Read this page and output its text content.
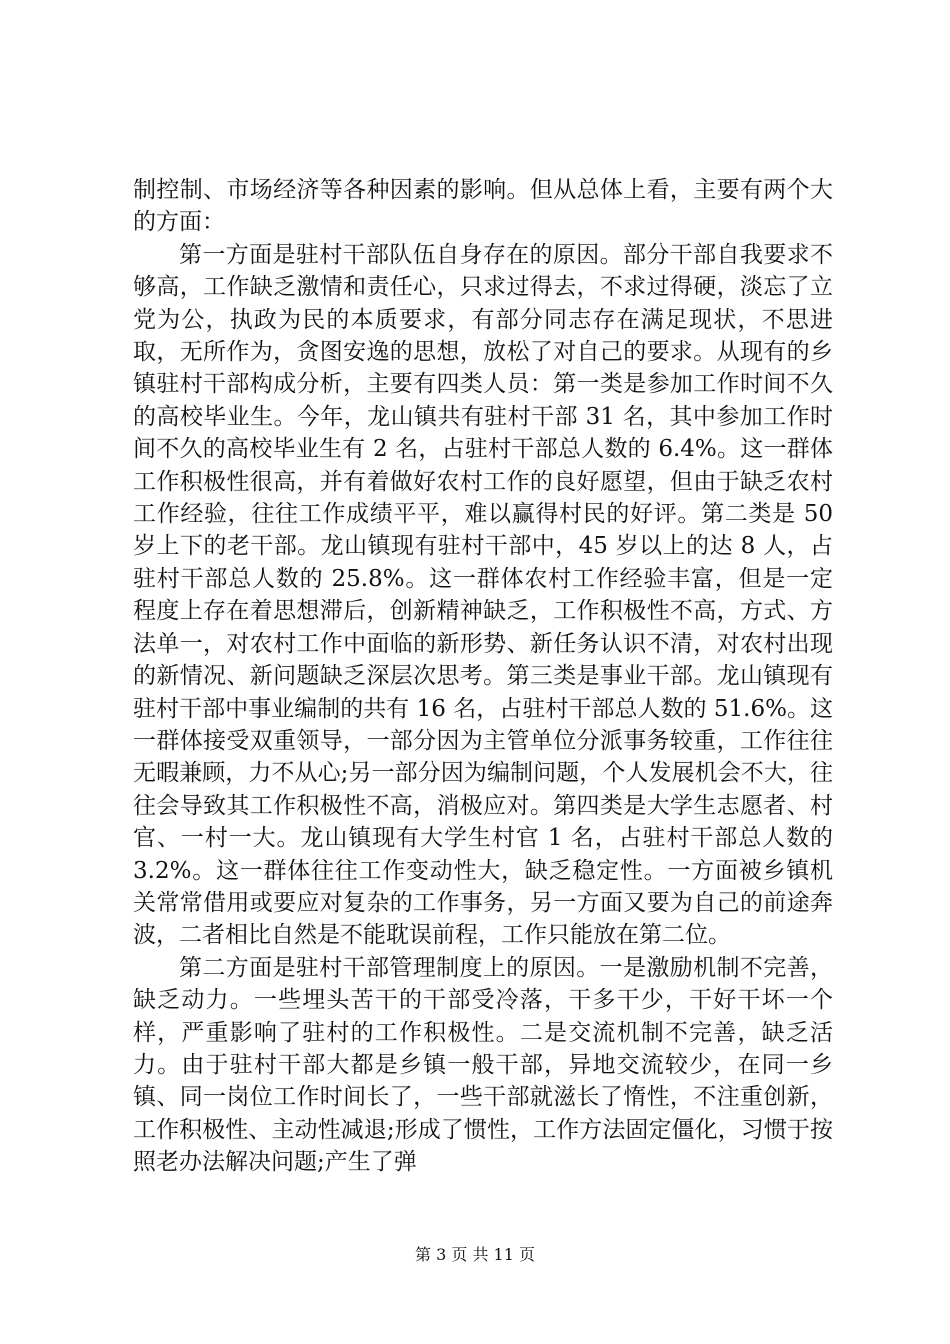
制控制、市场经济等各种因素的影响。但从总体上看，主要有两个大的方面：

第一方面是驻村干部队伍自身存在的原因。部分干部自我要求不够高，工作缺乏激情和责任心，只求过得去，不求过得硬，淡忘了立党为公，执政为民的本质要求，有部分同志存在满足现状，不思进取，无所作为，贪图安逸的思想，放松了对自己的要求。从现有的乡镇驻村干部构成分析，主要有四类人员：第一类是参加工作时间不久的高校毕业生。今年，龙山镇共有驻村干部 31 名，其中参加工作时间不久的高校毕业生有 2 名，占驻村干部总人数的 6.4%。这一群体工作积极性很高，并有着做好农村工作的良好愿望，但由于缺乏农村工作经验，往往工作成绩平平，难以赢得村民的好评。第二类是 50 岁上下的老干部。龙山镇现有驻村干部中，45 岁以上的达 8 人，占驻村干部总人数的 25.8%。这一群体农村工作经验丰富，但是一定程度上存在着思想滞后，创新精神缺乏，工作积极性不高，方式、方法单一，对农村工作中面临的新形势、新任务认识不清，对农村出现的新情况、新问题缺乏深层次思考。第三类是事业干部。龙山镇现有驻村干部中事业编制的共有 16 名，占驻村干部总人数的 51.6%。这一群体接受双重领导，一部分因为主管单位分派事务较重，工作往往无暇兼顾，力不从心;另一部分因为编制问题，个人发展机会不大，往往会导致其工作积极性不高，消极应对。第四类是大学生志愿者、村官、一村一大。龙山镇现有大学生村官 1 名，占驻村干部总人数的 3.2%。这一群体往往工作变动性大，缺乏稳定性。一方面被乡镇机关常常借用或要应对复杂的工作事务，另一方面又要为自己的前途奔波，二者相比自然是不能耽误前程，工作只能放在第二位。

第二方面是驻村干部管理制度上的原因。一是激励机制不完善，缺乏动力。一些埋头苦干的干部受冷落，干多干少，干好干坏一个样，严重影响了驻村的工作积极性。二是交流机制不完善，缺乏活力。由于驻村干部大都是乡镇一般干部，异地交流较少，在同一乡镇、同一岗位工作时间长了，一些干部就滋长了惰性，不注重创新，工作积极性、主动性减退;形成了惯性，工作方法固定僵化，习惯于按照老办法解决问题;产生了弹

第 3 页 共 11 页
